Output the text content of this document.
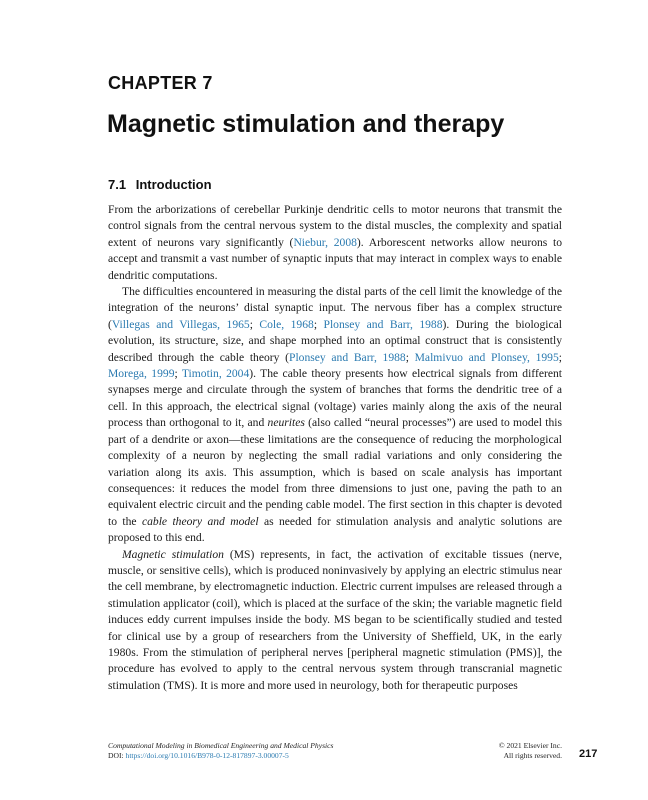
CHAPTER 7
Magnetic stimulation and therapy
7.1 Introduction

From the arborizations of cerebellar Purkinje dendritic cells to motor neurons that transmit the control signals from the central nervous system to the distal muscles, the complexity and spatial extent of neurons vary significantly (Niebur, 2008). Arborescent networks allow neurons to accept and transmit a vast number of synaptic inputs that may interact in complex ways to enable dendritic computations.

The difficulties encountered in measuring the distal parts of the cell limit the knowledge of the integration of the neurons’ distal synaptic input. The nervous fiber has a complex structure (Villegas and Villegas, 1965; Cole, 1968; Plonsey and Barr, 1988). During the biological evolution, its structure, size, and shape morphed into an optimal construct that is consistently described through the cable theory (Plonsey and Barr, 1988; Malmivuo and Plonsey, 1995; Morega, 1999; Timotin, 2004). The cable theory presents how electrical signals from different synapses merge and circulate through the system of branches that forms the dendritic tree of a cell. In this approach, the electrical signal (voltage) varies mainly along the axis of the neural process than orthogonal to it, and neurites (also called “neural processes”) are used to model this part of a dendrite or axon—these limitations are the consequence of reducing the morphological complexity of a neuron by neglecting the small radial variations and only considering the variation along its axis. This assumption, which is based on scale analysis has important consequences: it reduces the model from three dimensions to just one, paving the path to an equivalent electric circuit and the pending cable model. The first section in this chapter is devoted to the cable theory and model as needed for stimulation analysis and analytic solutions are proposed to this end.

Magnetic stimulation (MS) represents, in fact, the activation of excitable tissues (nerve, muscle, or sensitive cells), which is produced noninvasively by applying an electric stimulus near the cell membrane, by electromagnetic induction. Electric current impulses are released through a stimulation applicator (coil), which is placed at the surface of the skin; the variable magnetic field induces eddy current impulses inside the body. MS began to be scientifically studied and tested for clinical use by a group of researchers from the University of Sheffield, UK, in the early 1980s. From the stimulation of peripheral nerves [peripheral magnetic stimulation (PMS)], the procedure has evolved to apply to the central nervous system through transcranial magnetic stimulation (TMS). It is more and more used in neurology, both for therapeutic purposes

Computational Modeling in Biomedical Engineering and Medical Physics
DOI: https://doi.org/10.1016/B978-0-12-817897-3.00007-5
© 2021 Elsevier Inc.
All rights reserved. 217
